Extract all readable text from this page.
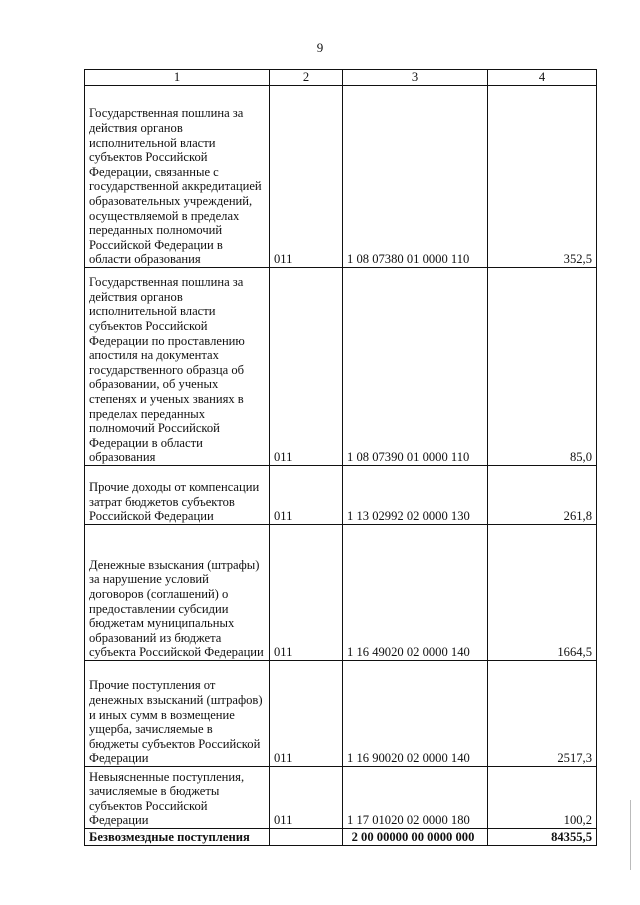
9
1	2	3	4

Государственная пошлина за действия органов исполнительной власти субъектов Российской Федерации, связанные с государственной аккредитацией образовательных учреждений, осуществляемой в пределах переданных полномочий Российской Федерации в области образования	011	1 08 07380 01 0000 110	352,5

Государственная пошлина за действия органов исполнительной власти субъектов Российской Федерации по проставлению апостиля на документах государственного образца об образовании, об ученых степенях и ученых званиях в пределах переданных полномочий Российской Федерации в области образования	011	1 08 07390 01 0000 110	85,0

Прочие доходы от компенсации затрат бюджетов субъектов Российской Федерации	011	1 13 02992 02 0000 130	261,8

Денежные взыскания (штрафы) за нарушение условий договоров (соглашений) о предоставлении субсидии бюджетам муниципальных образований из бюджета субъекта Российской Федерации	011	1 16 49020 02 0000 140	1664,5

Прочие поступления от денежных взысканий (штрафов) и иных сумм в возмещение ущерба, зачисляемые в бюджеты субъектов Российской Федерации	011	1 16 90020 02 0000 140	2517,3

Невыясненные поступления, зачисляемые в бюджеты субъектов Российской Федерации	011	1 17 01020 02 0000 180	100,2

Безвозмездные поступления		2 00 00000 00 0000 000	84355,5
